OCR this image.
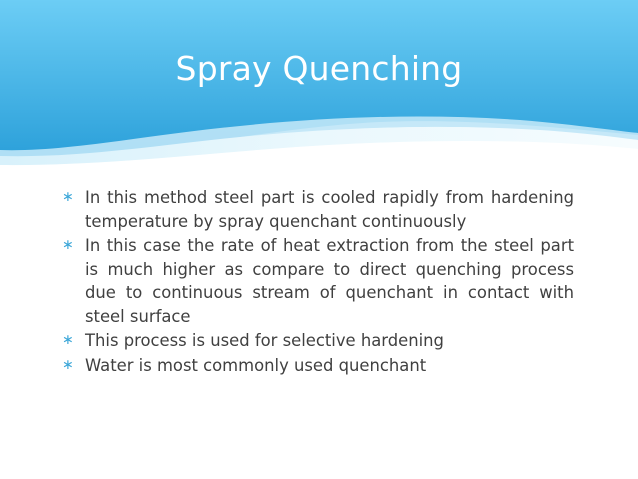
Spray Quenching
∗ In this method steel part is cooled rapidly from hardening temperature by spray quenchant continuously
∗ In this case the rate of heat extraction from the steel part is much higher as compare to direct quenching process due to continuous stream of quenchant in contact with steel surface
∗ This process is used for selective hardening
∗ Water is most commonly used quenchant
